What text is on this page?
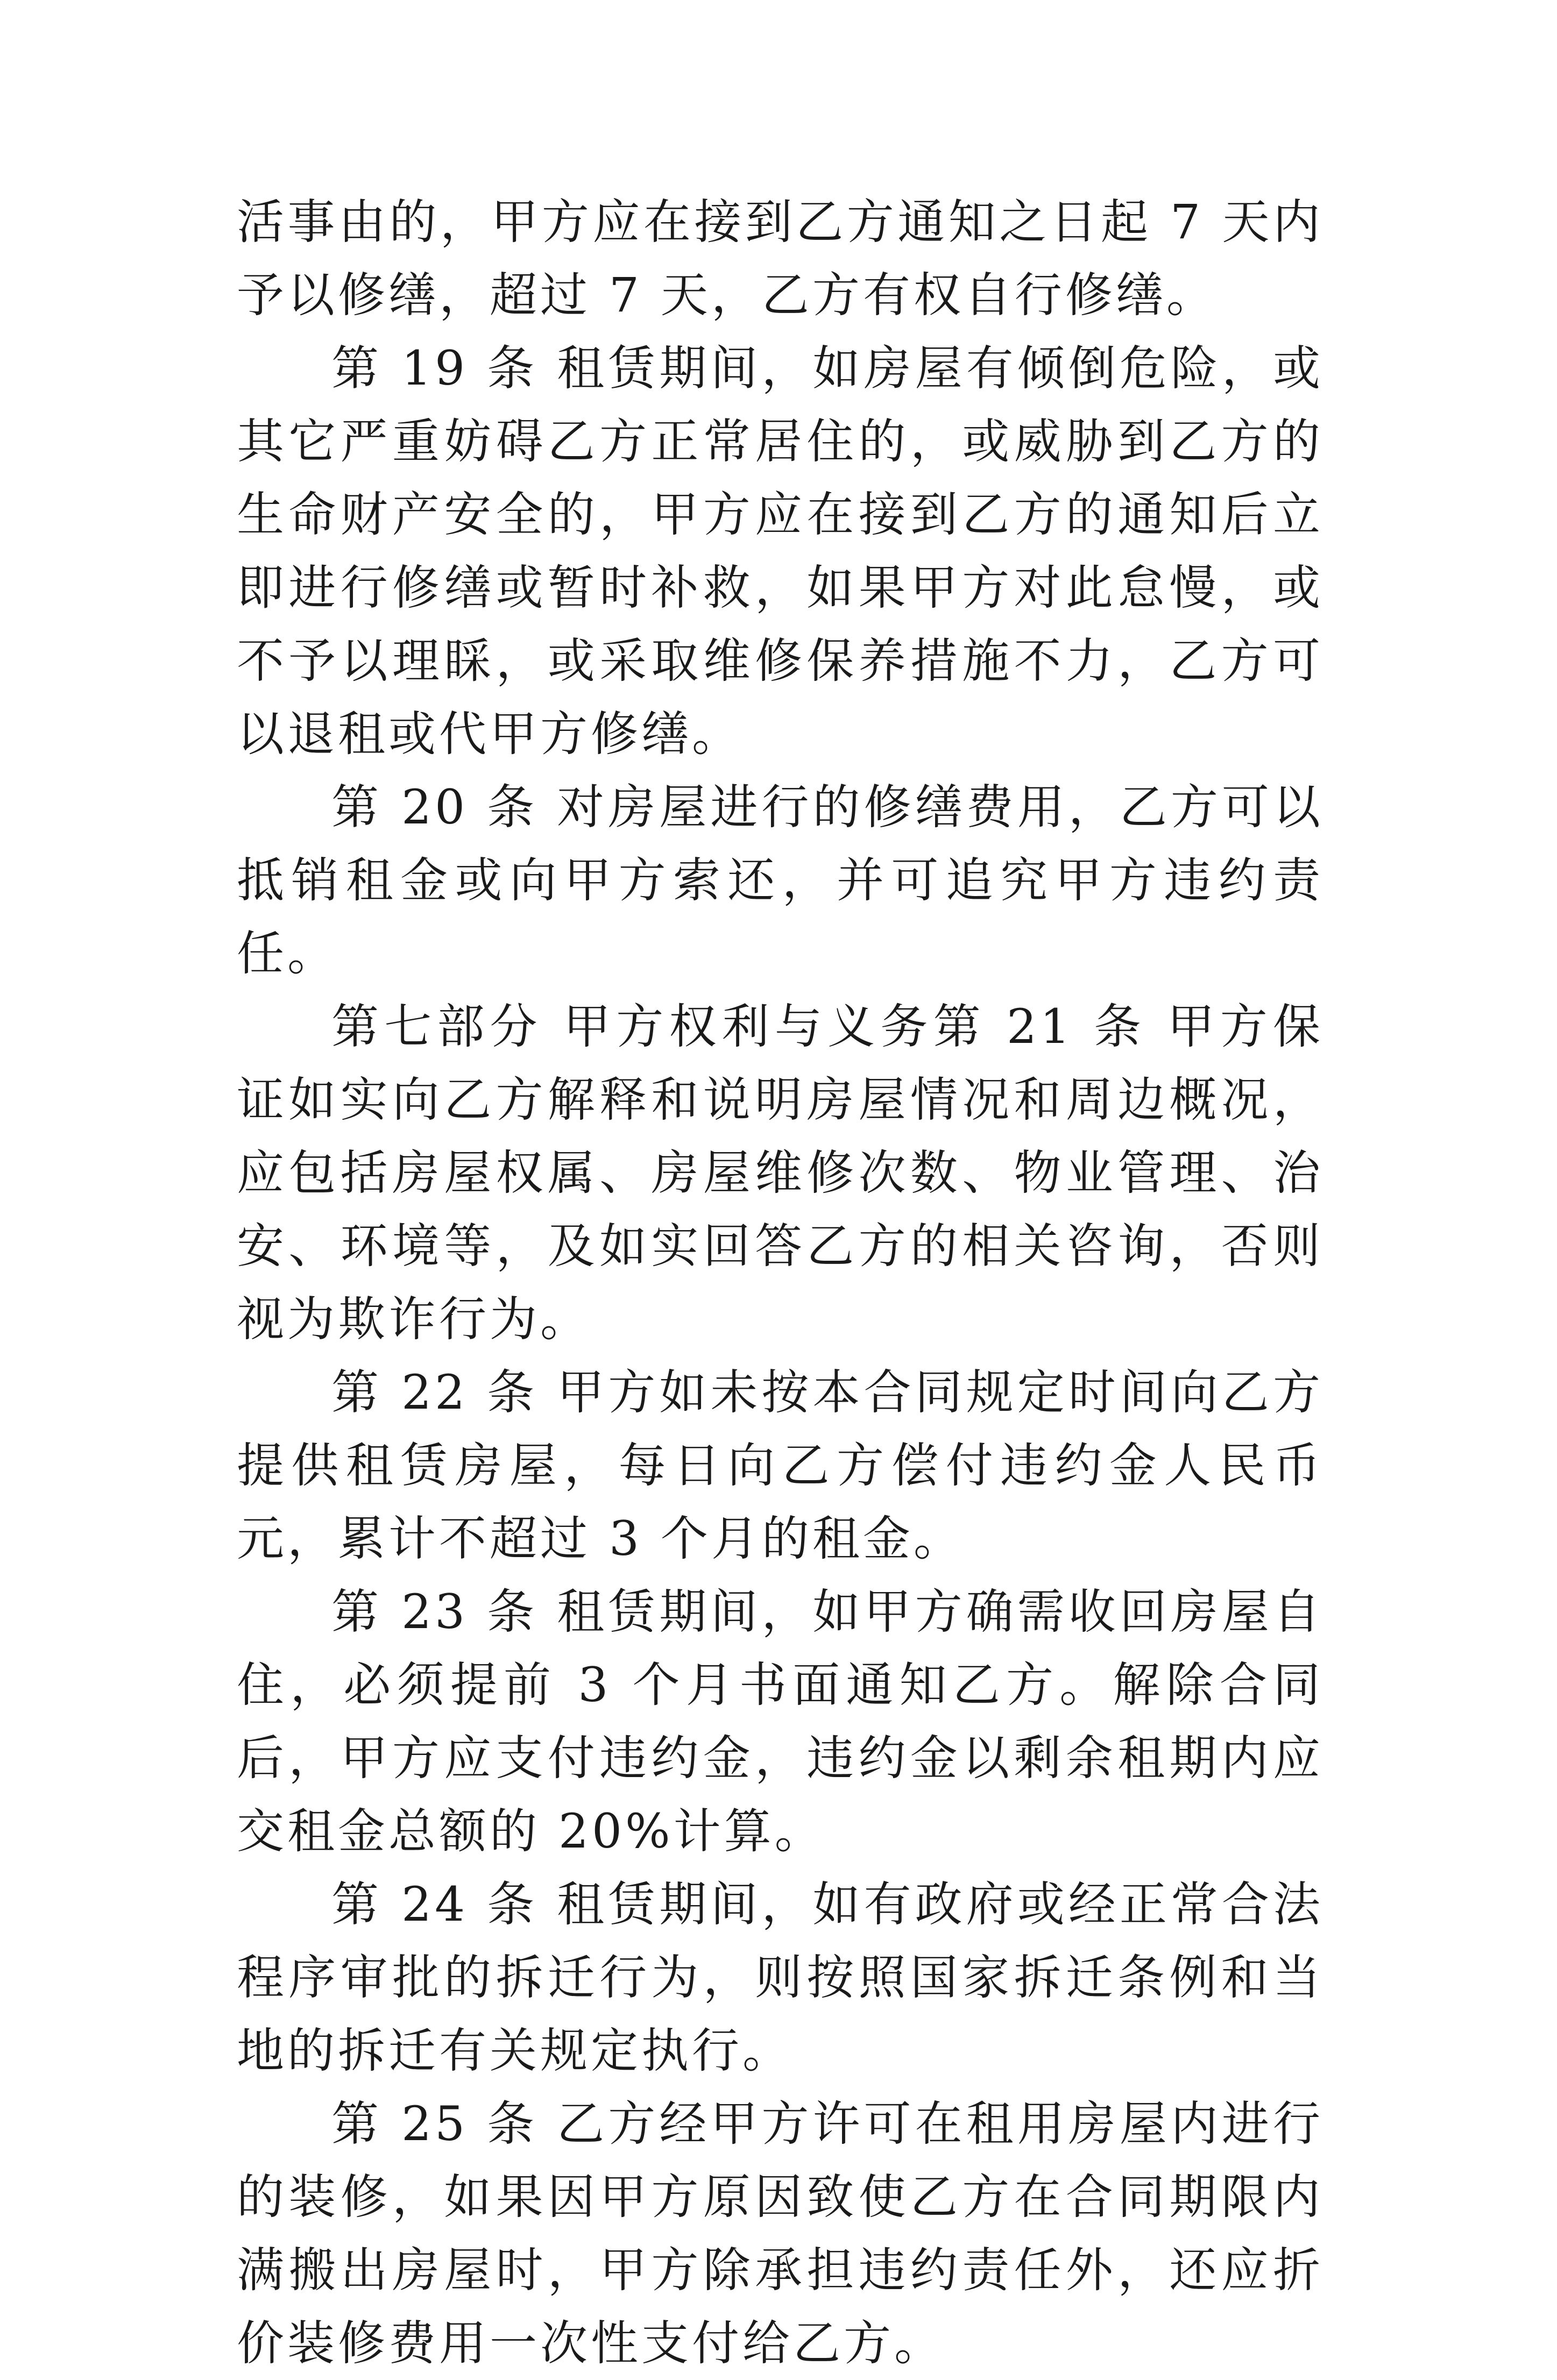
活事由的，甲方应在接到乙方通知之日起 7 天内予以修缮，超过 7 天，乙方有权自行修缮。

第 19 条 租赁期间，如房屋有倾倒危险，或其它严重妨碍乙方正常居住的，或威胁到乙方的生命财产安全的，甲方应在接到乙方的通知后立即进行修缮或暂时补救，如果甲方对此怠慢，或不予以理睬，或采取维修保养措施不力，乙方可以退租或代甲方修缮。

第 20 条 对房屋进行的修缮费用，乙方可以抵销租金或向甲方索还，并可追究甲方违约责任。

第七部分 甲方权利与义务第 21 条 甲方保证如实向乙方解释和说明房屋情况和周边概况，应包括房屋权属、房屋维修次数、物业管理、治安、环境等，及如实回答乙方的相关咨询，否则视为欺诈行为。

第 22 条 甲方如未按本合同规定时间向乙方提供租赁房屋，每日向乙方偿付违约金人民币 元，累计不超过 3 个月的租金。

第 23 条 租赁期间，如甲方确需收回房屋自住，必须提前 3 个月书面通知乙方。解除合同后，甲方应支付违约金，违约金以剩余租期内应交租金总额的 20%计算。

第 24 条 租赁期间，如有政府或经正常合法程序审批的拆迁行为，则按照国家拆迁条例和当地的拆迁有关规定执行。

第 25 条 乙方经甲方许可在租用房屋内进行的装修，如果因甲方原因致使乙方在合同期限内满搬出房屋时，甲方除承担违约责任外，还应折价装修费用一次性支付给乙方。
